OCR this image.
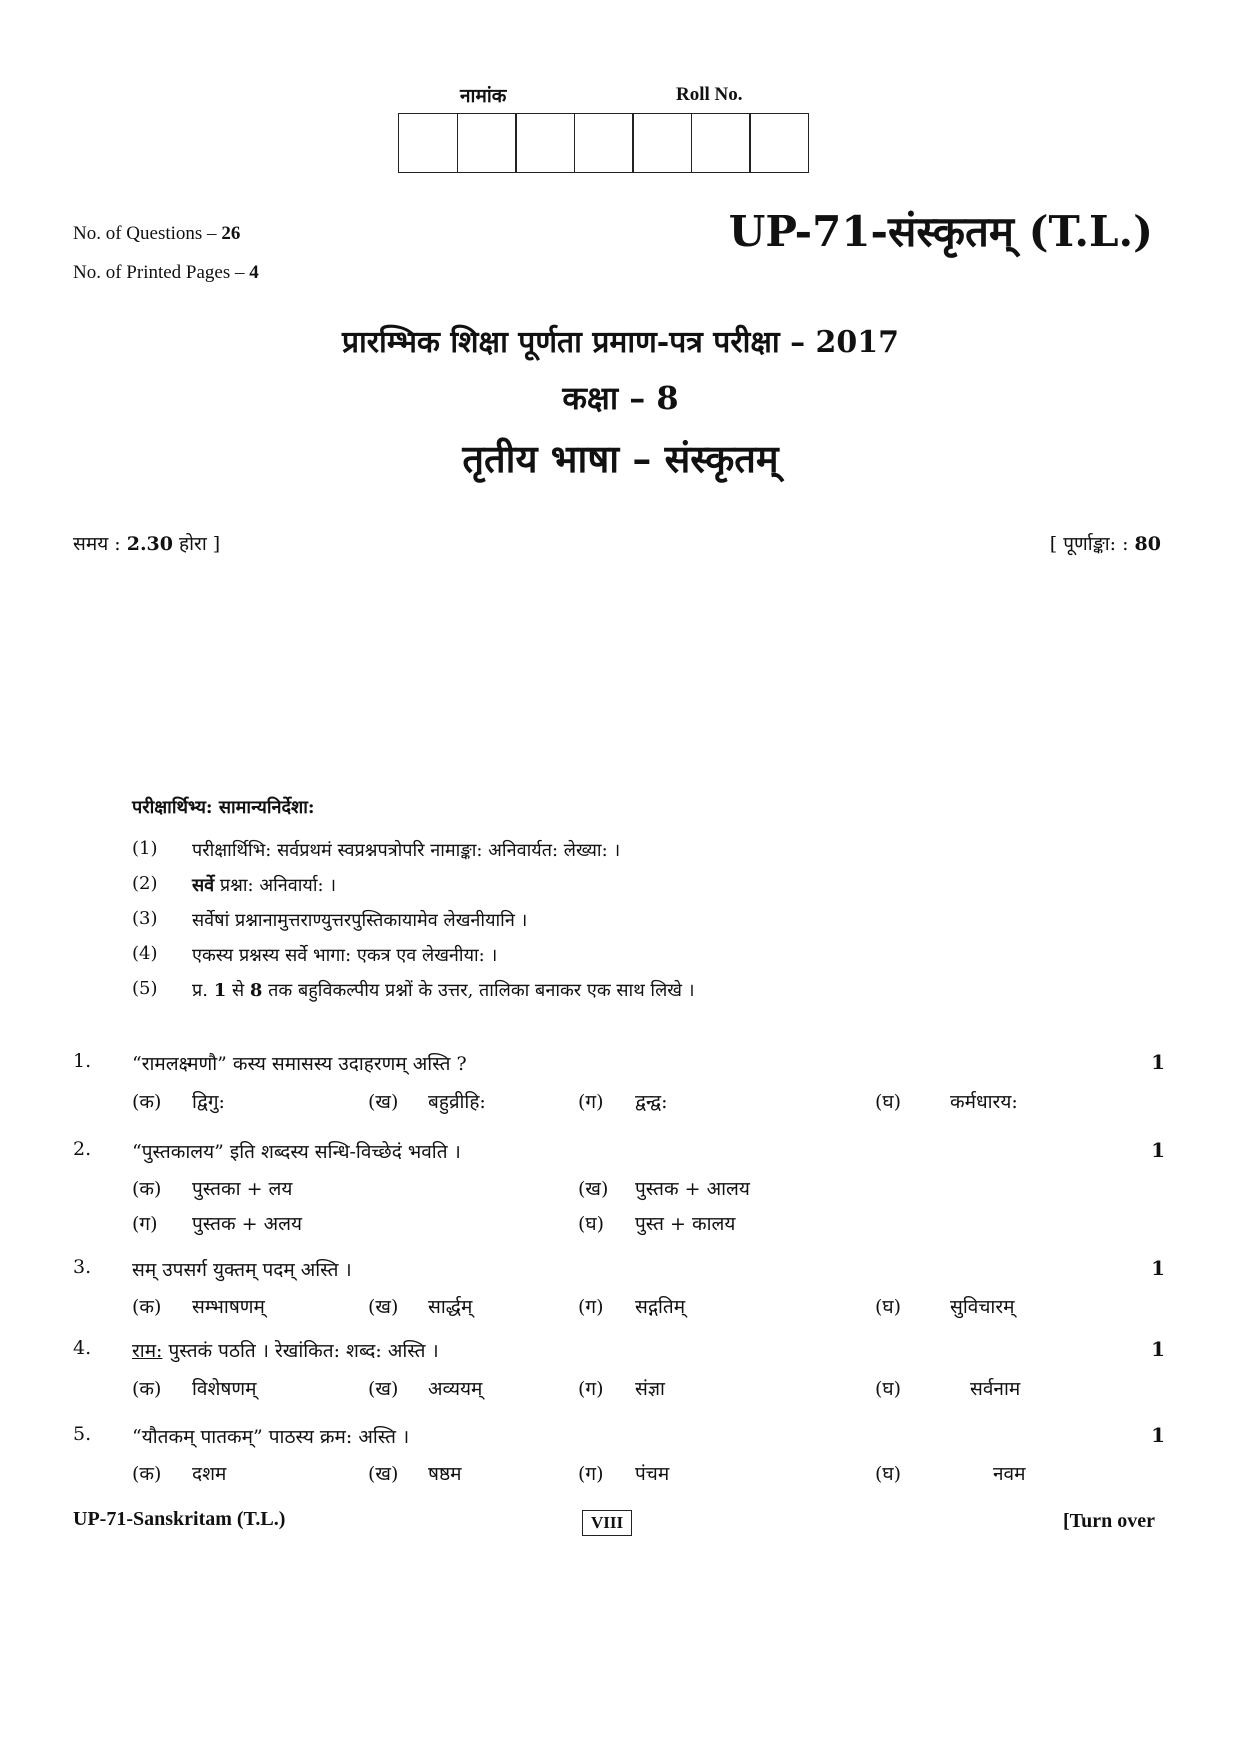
नामांक	Roll No.
No. of Questions – 26
No. of Printed Pages – 4
UP-71-संस्कृतम् (T.L.)
प्रारम्भिक शिक्षा पूर्णता प्रमाण-पत्र परीक्षा – 2017
कक्षा – 8
तृतीय भाषा – संस्कृतम्
समय : 2.30 होरा ]	[ पूर्णाङ्का: : 80
परीक्षार्थिभ्य: सामान्यनिर्देशा:
(1) परीक्षार्थिभि: सर्वप्रथमं स्वप्रश्नपत्रोपरि नामाङ्का: अनिवार्यत: लेख्या: ।
(2) सर्वे प्रश्ना: अनिवार्या: ।
(3) सर्वेषां प्रश्नानामुत्तराण्युत्तरपुस्तिकायामेव लेखनीयानि ।
(4) एकस्य प्रश्नस्य सर्वे भागा: एकत्र एव लेखनीया: ।
(5) प्र. 1 से 8 तक बहुविकल्पीय प्रश्नों के उत्तर, तालिका बनाकर एक साथ लिखे ।
1. “रामलक्ष्मणौ” कस्य समासस्य उदाहरणम् अस्ति ?	1
(क) द्विगु:	(ख) बहुव्रीहि:	(ग) द्वन्द्व:	(घ)	कर्मधारय:
2. “पुस्तकालय” इति शब्दस्य सन्धि-विच्छेदं भवति ।	1
(क) पुस्तका + लय	(ख) पुस्तक + आलय
(ग) पुस्तक + अलय	(घ) पुस्त + कालय
3. सम् उपसर्ग युक्तम् पदम् अस्ति ।	1
(क) सम्भाषणम्	(ख) सार्द्धम्	(ग) सद्गतिम्	(घ)	सुविचारम्
4. राम: पुस्तकं पठति । रेखांकित: शब्द: अस्ति ।	1
(क) विशेषणम्	(ख) अव्ययम्	(ग) संज्ञा	(घ)	सर्वनाम
5. “यौतकम् पातकम्” पाठस्य क्रम: अस्ति ।	1
(क) दशम	(ख) षष्ठम	(ग) पंचम	(घ)	नवम
UP-71-Sanskritam (T.L.)	VIII	[Turn over
